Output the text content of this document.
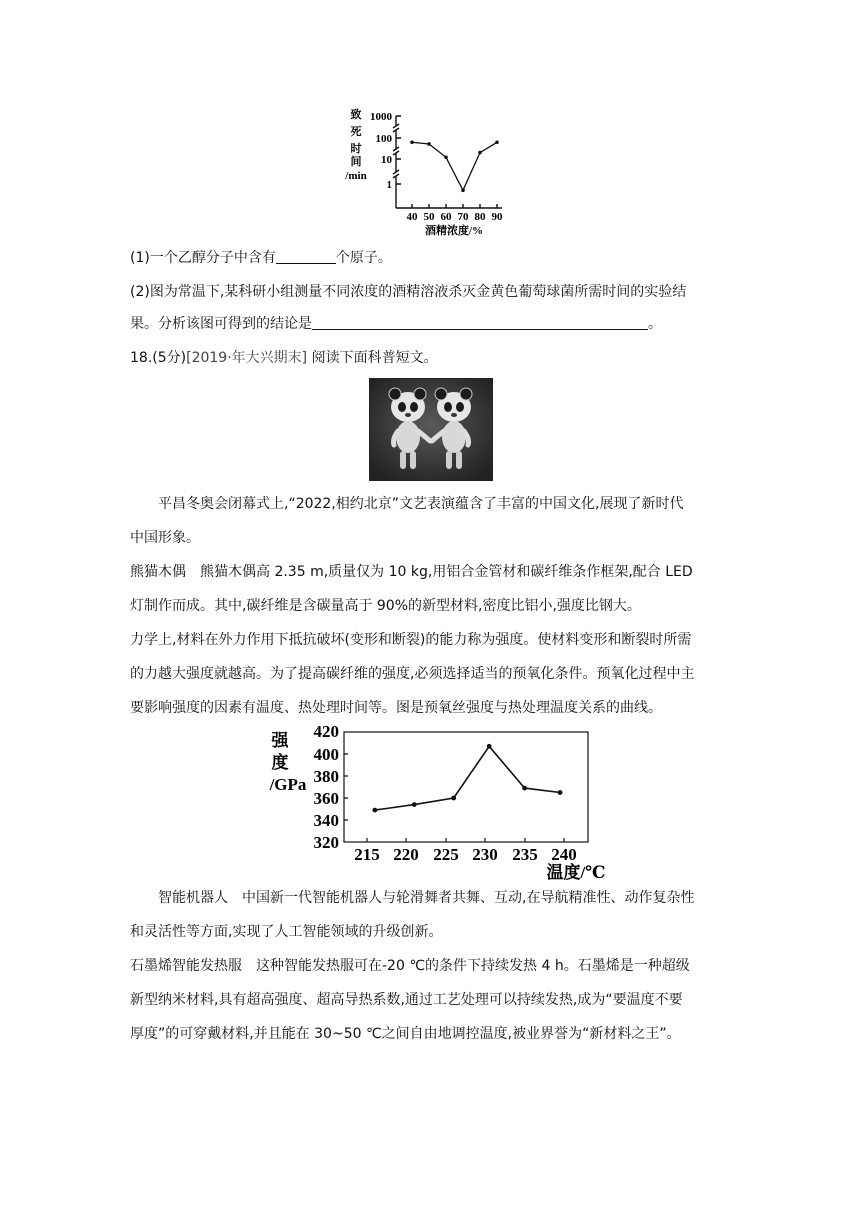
致
死
时
间
/min
1000
100
10
1
40 50 60 70 80 90
酒精浓度/%

(1)一个乙醇分子中含有	个原子。

(2)图为常温下,某科研小组测量不同浓度的酒精溶液杀灭金黄色葡萄球菌所需时间的实验结

果。分析该图可得到的结论是	。

18.(5分)[2019·年大兴期末] 阅读下面科普短文。

平昌冬奥会闭幕式上,“2022,相约北京”文艺表演蕴含了丰富的中国文化,展现了新时代

中国形象。

熊猫木偶　熊猫木偶高 2.35 m,质量仅为 10 kg,用铝合金管材和碳纤维条作框架,配合 LED

灯制作而成。其中,碳纤维是含碳量高于 90%的新型材料,密度比铝小,强度比钢大。

力学上,材料在外力作用下抵抗破坏(变形和断裂)的能力称为强度。使材料变形和断裂时所需

的力越大强度就越高。为了提高碳纤维的强度,必须选择适当的预氧化条件。预氧化过程中主

要影响强度的因素有温度、热处理时间等。图是预氧丝强度与热处理温度关系的曲线。

强
度
/GPa
420
400
380
360
340
320
215 220 225 230 235 240
温度/℃

智能机器人　中国新一代智能机器人与轮滑舞者共舞、互动,在导航精准性、动作复杂性

和灵活性等方面,实现了人工智能领域的升级创新。

石墨烯智能发热服　这种智能发热服可在-20 ℃的条件下持续发热 4 h。石墨烯是一种超级

新型纳米材料,具有超高强度、超高导热系数,通过工艺处理可以持续发热,成为“要温度不要

厚度”的可穿戴材料,并且能在 30~50 ℃之间自由地调控温度,被业界誉为“新材料之王”。
